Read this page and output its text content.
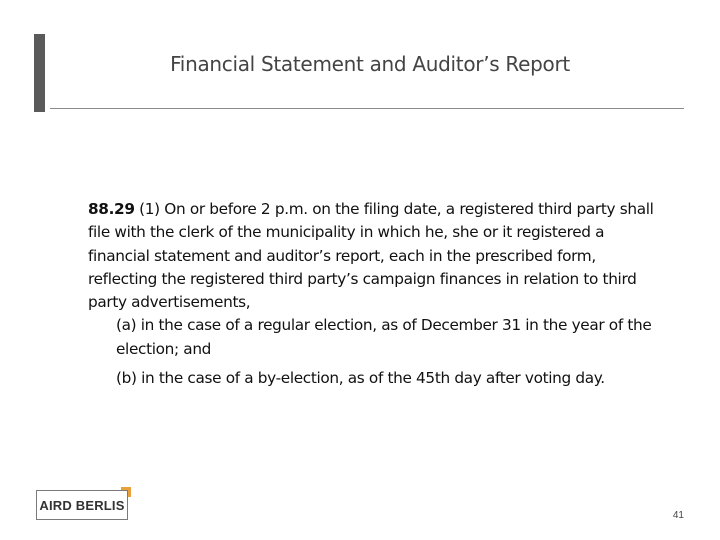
Financial Statement and Auditor’s Report

88.29 (1) On or before 2 p.m. on the filing date, a registered third party shall file with the clerk of the municipality in which he, she or it registered a financial statement and auditor’s report, each in the prescribed form, reflecting the registered third party’s campaign finances in relation to third party advertisements,

(a) in the case of a regular election, as of December 31 in the year of the election; and

(b) in the case of a by-election, as of the 45th day after voting day.

AIRD BERLIS
41
